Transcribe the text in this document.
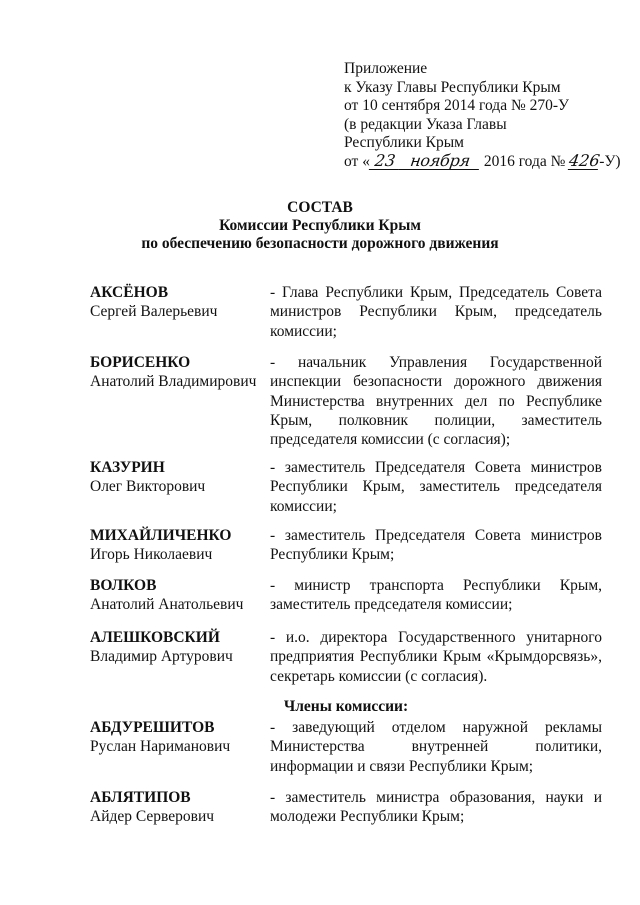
Приложение
к Указу Главы Республики Крым
от 10 сентября 2014 года № 270-У
(в редакции Указа Главы
Республики Крым
от « 23 ноября 2016 года № 426-У)
СОСТАВ
Комиссии Республики Крым
по обеспечению безопасности дорожного движения
АКСЁНОВ
Сергей Валерьевич
- Глава Республики Крым, Председатель Совета министров Республики Крым, председатель комиссии;
БОРИСЕНКО
Анатолий Владимирович
- начальник Управления Государственной инспекции безопасности дорожного движения Министерства внутренних дел по Республике Крым, полковник полиции, заместитель председателя комиссии (с согласия);
КАЗУРИН
Олег Викторович
- заместитель Председателя Совета министров Республики Крым, заместитель председателя комиссии;
МИХАЙЛИЧЕНКО
Игорь Николаевич
- заместитель Председателя Совета министров Республики Крым;
ВОЛКОВ
Анатолий Анатольевич
- министр транспорта Республики Крым, заместитель председателя комиссии;
АЛЕШКОВСКИЙ
Владимир Артурович
- и.о. директора Государственного унитарного предприятия Республики Крым «Крымдорсвязь», секретарь комиссии (с согласия).
Члены комиссии:
АБДУРЕШИТОВ
Руслан Нариманович
- заведующий отделом наружной рекламы Министерства внутренней политики, информации и связи Республики Крым;
АБЛЯТИПОВ
Айдер Серверович
- заместитель министра образования, науки и молодежи Республики Крым;
